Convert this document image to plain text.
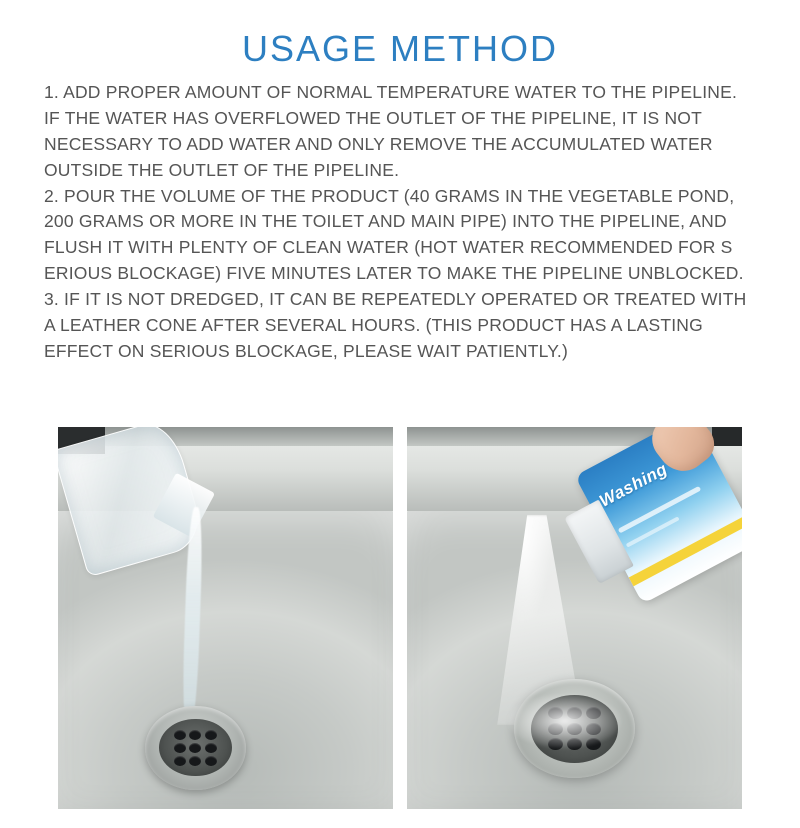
USAGE METHOD

1. ADD PROPER AMOUNT OF NORMAL TEMPERATURE WATER TO THE PIPELINE. IF THE WATER HAS OVERFLOWED THE OUTLET OF THE PIPELINE, IT IS NOT NECESSARY TO ADD WATER AND ONLY REMOVE THE ACCUMULATED WATER OUTSIDE THE OUTLET OF THE PIPELINE.

2. POUR THE VOLUME OF THE PRODUCT (40 GRAMS IN THE VEGETABLE POND, 200 GRAMS OR MORE IN THE TOILET AND MAIN PIPE) INTO THE PIPELINE, AND FLUSH IT WITH PLENTY OF CLEAN WATER (HOT WATER RECOMMENDED FOR S ERIOUS BLOCKAGE) FIVE MINUTES LATER TO MAKE THE PIPELINE UNBLOCKED.

3. IF IT IS NOT DREDGED, IT CAN BE REPEATEDLY OPERATED OR TREATED WITH A LEATHER CONE AFTER SEVERAL HOURS. (THIS PRODUCT HAS A LASTING EFFECT ON SERIOUS BLOCKAGE, PLEASE WAIT PATIENTLY.)

Washing
